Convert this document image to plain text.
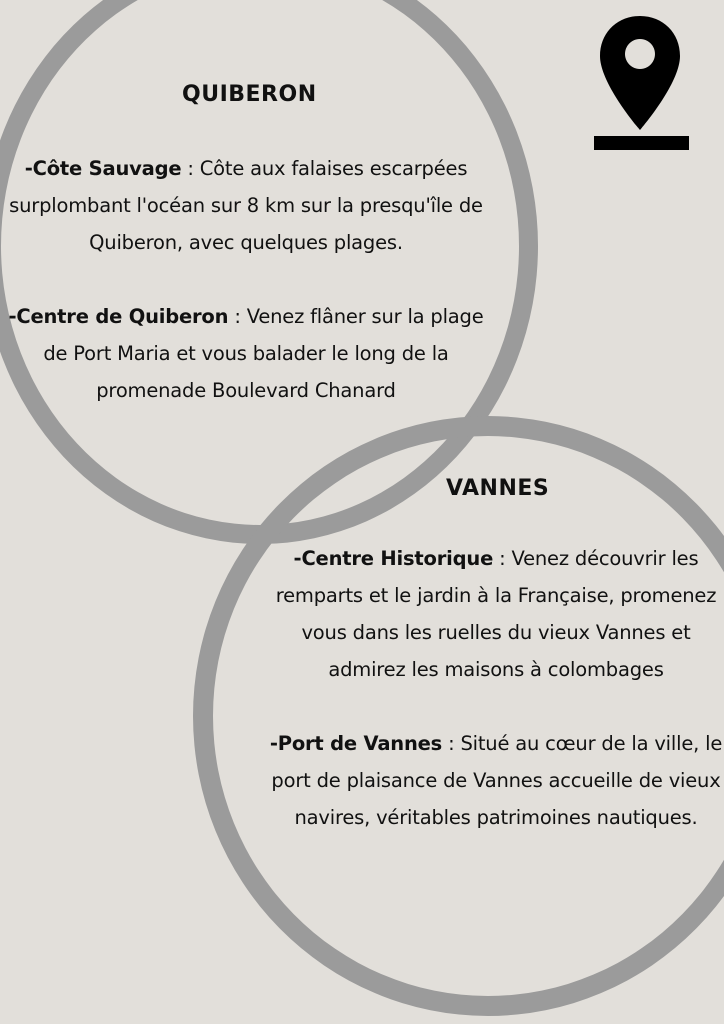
QUIBERON

-Côte Sauvage : Côte aux falaises escarpées surplombant l'océan sur 8 km sur la presqu'île de Quiberon, avec quelques plages.

-Centre de Quiberon : Venez flâner sur la plage de Port Maria et vous balader le long de la promenade Boulevard Chanard

VANNES

-Centre Historique : Venez découvrir les remparts et le jardin à la Française, promenez vous dans les ruelles du vieux Vannes et admirez les maisons à colombages

-Port de Vannes : Situé au cœur de la ville, le port de plaisance de Vannes accueille de vieux navires, véritables patrimoines nautiques.
